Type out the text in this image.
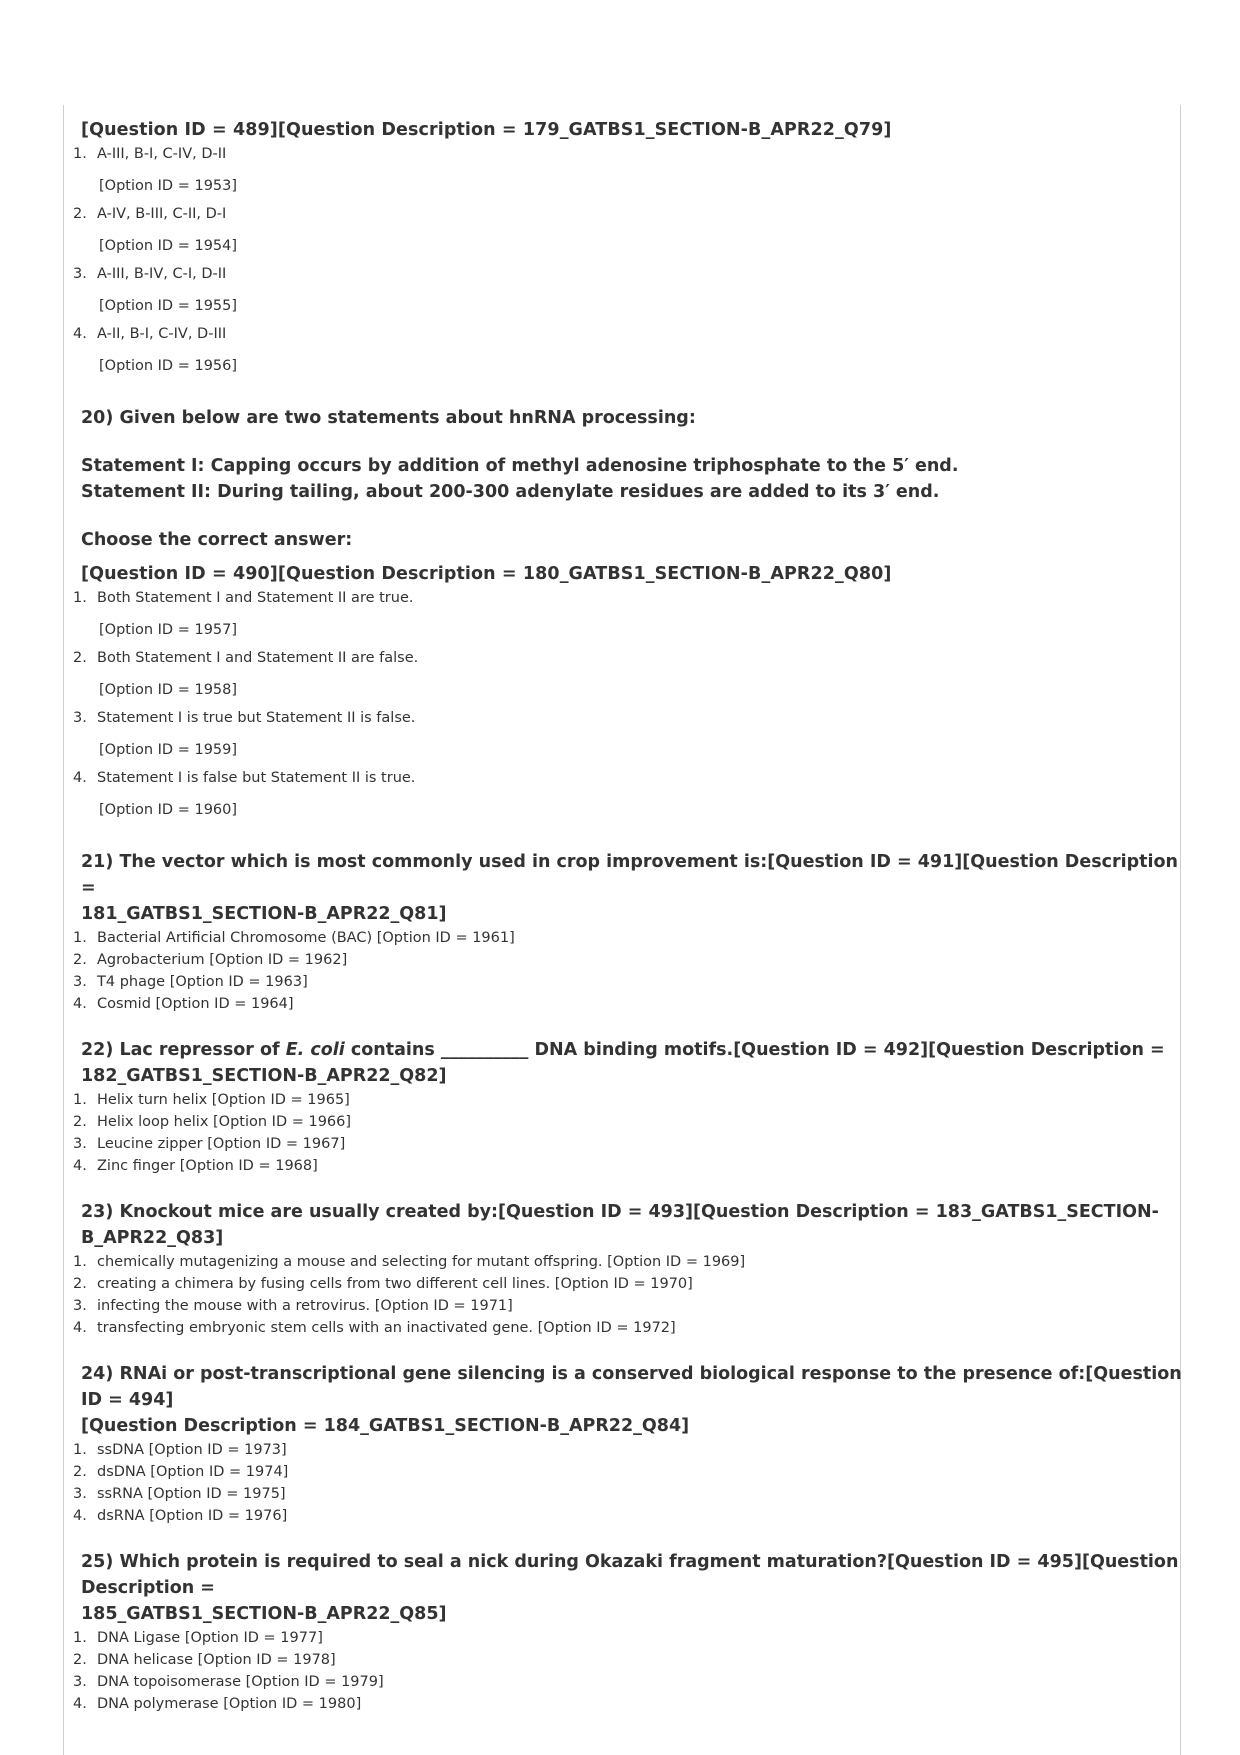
[Question ID = 489][Question Description = 179_GATBS1_SECTION-B_APR22_Q79]
1. A-III, B-I, C-IV, D-II
[Option ID = 1953]
2. A-IV, B-III, C-II, D-I
[Option ID = 1954]
3. A-III, B-IV, C-I, D-II
[Option ID = 1955]
4. A-II, B-I, C-IV, D-III
[Option ID = 1956]
20) Given below are two statements about hnRNA processing:
Statement I: Capping occurs by addition of methyl adenosine triphosphate to the 5′ end.
Statement II: During tailing, about 200-300 adenylate residues are added to its 3′ end.
Choose the correct answer:
[Question ID = 490][Question Description = 180_GATBS1_SECTION-B_APR22_Q80]
1. Both Statement I and Statement II are true.
[Option ID = 1957]
2. Both Statement I and Statement II are false.
[Option ID = 1958]
3. Statement I is true but Statement II is false.
[Option ID = 1959]
4. Statement I is false but Statement II is true.
[Option ID = 1960]
21) The vector which is most commonly used in crop improvement is:[Question ID = 491][Question Description =
181_GATBS1_SECTION-B_APR22_Q81]
1. Bacterial Artificial Chromosome (BAC) [Option ID = 1961]
2. Agrobacterium [Option ID = 1962]
3. T4 phage [Option ID = 1963]
4. Cosmid [Option ID = 1964]
22) Lac repressor of E. coli contains __________ DNA binding motifs.[Question ID = 492][Question Description =
182_GATBS1_SECTION-B_APR22_Q82]
1. Helix turn helix [Option ID = 1965]
2. Helix loop helix [Option ID = 1966]
3. Leucine zipper [Option ID = 1967]
4. Zinc finger [Option ID = 1968]
23) Knockout mice are usually created by:[Question ID = 493][Question Description = 183_GATBS1_SECTION-
B_APR22_Q83]
1. chemically mutagenizing a mouse and selecting for mutant offspring. [Option ID = 1969]
2. creating a chimera by fusing cells from two different cell lines. [Option ID = 1970]
3. infecting the mouse with a retrovirus. [Option ID = 1971]
4. transfecting embryonic stem cells with an inactivated gene. [Option ID = 1972]
24) RNAi or post-transcriptional gene silencing is a conserved biological response to the presence of:[Question ID = 494]
[Question Description = 184_GATBS1_SECTION-B_APR22_Q84]
1. ssDNA [Option ID = 1973]
2. dsDNA [Option ID = 1974]
3. ssRNA [Option ID = 1975]
4. dsRNA [Option ID = 1976]
25) Which protein is required to seal a nick during Okazaki fragment maturation?[Question ID = 495][Question Description =
185_GATBS1_SECTION-B_APR22_Q85]
1. DNA Ligase [Option ID = 1977]
2. DNA helicase [Option ID = 1978]
3. DNA topoisomerase [Option ID = 1979]
4. DNA polymerase [Option ID = 1980]
